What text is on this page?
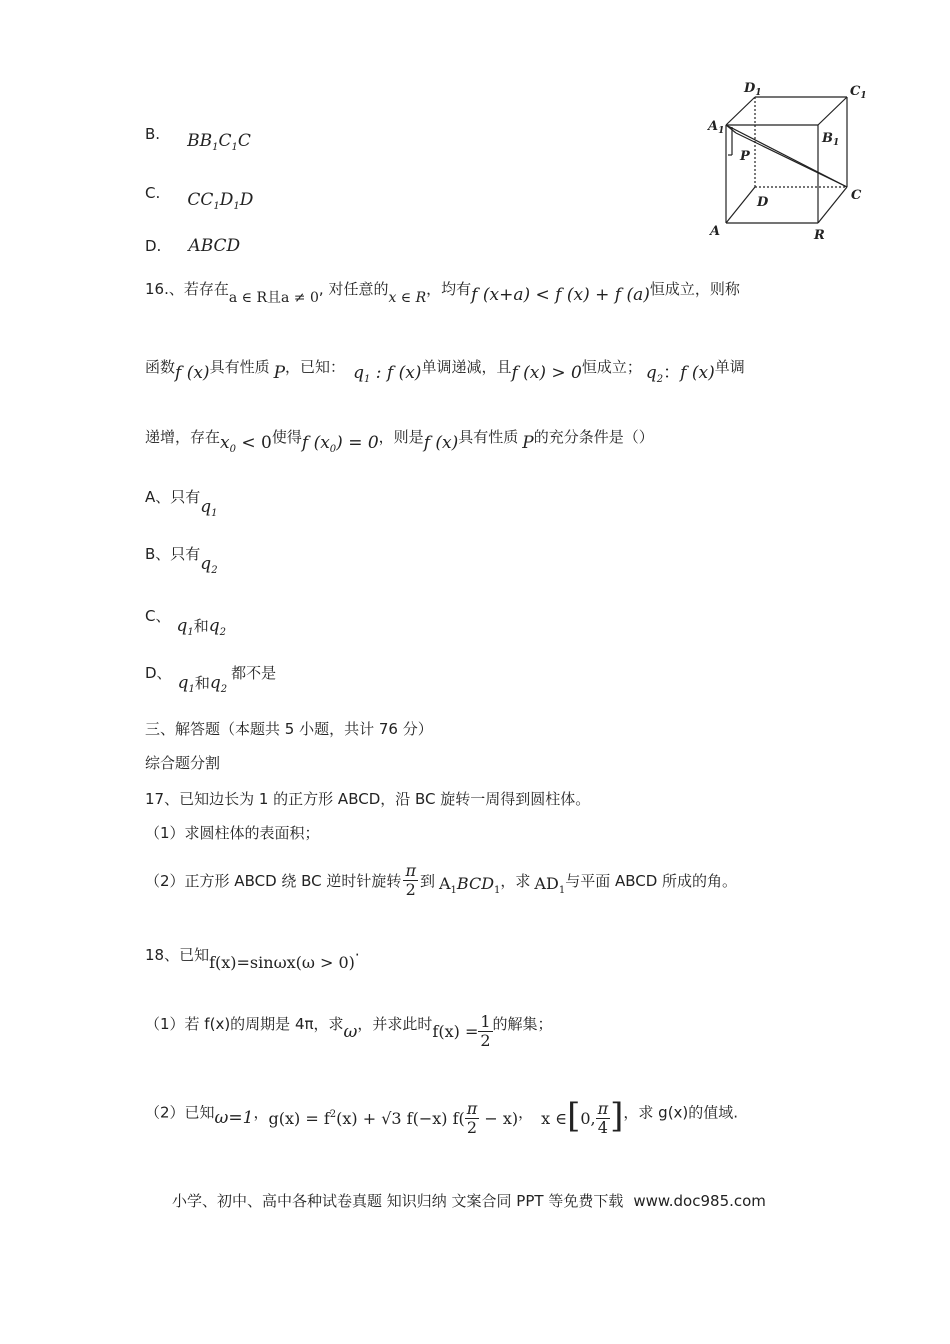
$D_1$	$C_1$
$A_1$	$B_1$
P
C
D
A	R
B. $BB_1C_1C$
C. $CC_1D_1D$
D. ABCD
16.、若存在a ∈ R且a ≠ 0, 对任意的x ∈ R，均有f (x+a) < f (x) + f (a)恒成立，则称
函数f (x)具有性质 P，已知： $q_1$ : f (x)单调递减，且f (x) > 0恒成立； $q_2$：f (x)单调
递增，存在$x_0 < 0$使得f $(x_0) = 0$，则是f (x)具有性质 P的充分条件是（）
A、只有$q_1$
B、只有$q_2$
C、 $q_1$和$q_2$
D、 $q_1$和$q_2$都不是
三、解答题（本题共 5 小题，共计 76 分）
综合题分割
17、已知边长为 1 的正方形 ABCD，沿 BC 旋转一周得到圆柱体。
（1）求圆柱体的表面积；
（2）正方形 ABCD 绕 BC 逆时针旋转 $\frac{\pi}{2}$ 到 $A_1BCD_1$，求 $AD_1$与平面 ABCD 所成的角。
18、已知f(x)=sinωx(ω > 0)·
（1）若 f(x)的周期是 4π，求ω，并求此时$f(x) = \frac{1}{2}$ 的解集；
（2）已知ω=1，$g(x) = f^2(x) + √3$ f(−x) $f( \frac{\pi}{2} - x)$， x ∈[0, $\frac{\pi}{4}$ ]，求 g(x)的值域.
小学、初中、高中各种试卷真题 知识归纳 文案合同 PPT 等免费下载 www.doc985.com
